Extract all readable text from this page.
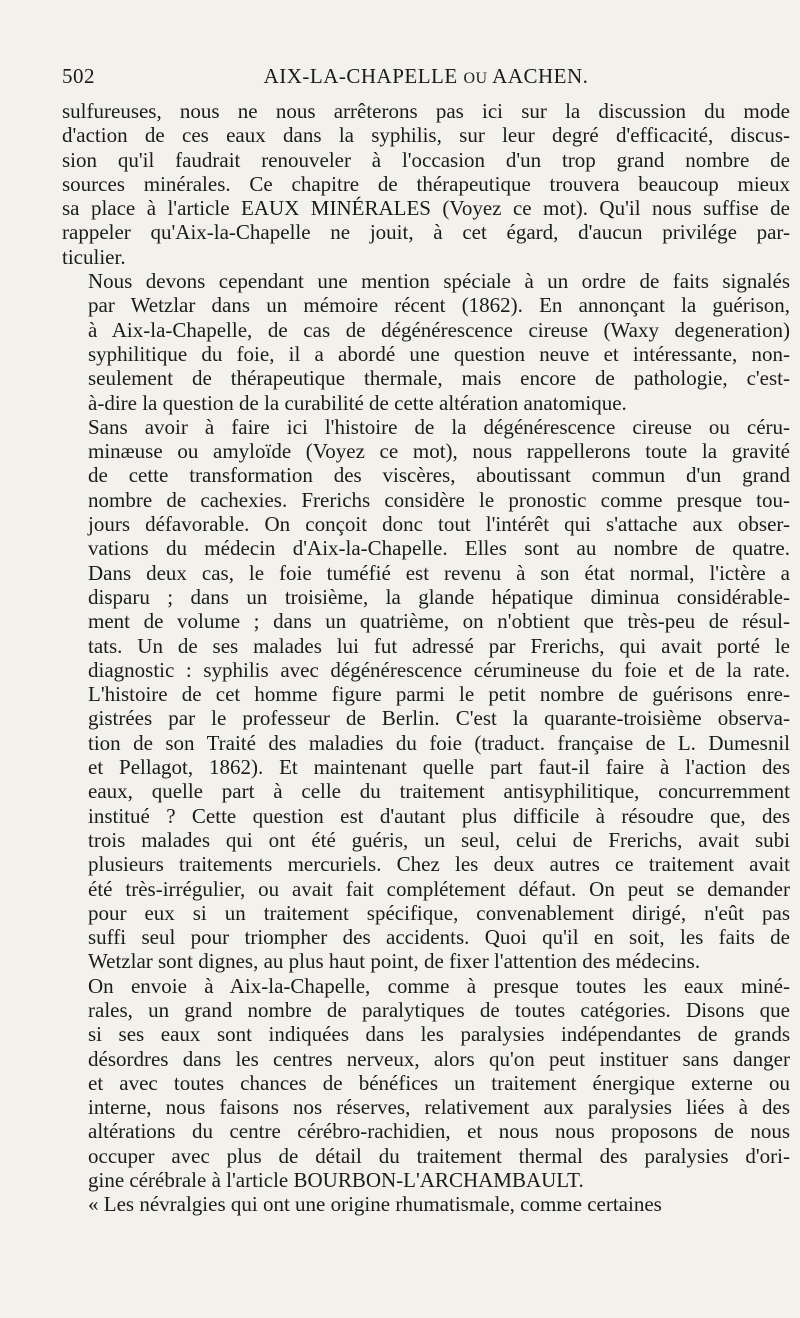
502	AIX-LA-CHAPELLE OU AACHEN.

sulfureuses, nous ne nous arrêterons pas ici sur la discussion du mode
d'action de ces eaux dans la syphilis, sur leur degré d'efficacité, discus-
sion qu'il faudrait renouveler à l'occasion d'un trop grand nombre de
sources minérales. Ce chapitre de thérapeutique trouvera beaucoup mieux
sa place à l'article EAUX MINÉRALES (Voyez ce mot). Qu'il nous suffise de
rappeler qu'Aix-la-Chapelle ne jouit, à cet égard, d'aucun privilége par-
ticulier.

Nous devons cependant une mention spéciale à un ordre de faits signalés
par Wetzlar dans un mémoire récent (1862). En annonçant la guérison,
à Aix-la-Chapelle, de cas de dégénérescence cireuse (Waxy degeneration)
syphilitique du foie, il a abordé une question neuve et intéressante, non-
seulement de thérapeutique thermale, mais encore de pathologie, c'est-
à-dire la question de la curabilité de cette altération anatomique.

Sans avoir à faire ici l'histoire de la dégénérescence cireuse ou céru-
minæuse ou amyloïde (Voyez ce mot), nous rappellerons toute la gravité
de cette transformation des viscères, aboutissant commun d'un grand
nombre de cachexies. Frerichs considère le pronostic comme presque tou-
jours défavorable. On conçoit donc tout l'intérêt qui s'attache aux obser-
vations du médecin d'Aix-la-Chapelle. Elles sont au nombre de quatre.
Dans deux cas, le foie tuméfié est revenu à son état normal, l'ictère a
disparu ; dans un troisième, la glande hépatique diminua considérable-
ment de volume ; dans un quatrième, on n'obtient que très-peu de résul-
tats. Un de ses malades lui fut adressé par Frerichs, qui avait porté le
diagnostic : syphilis avec dégénérescence cérumineuse du foie et de la rate.
L'histoire de cet homme figure parmi le petit nombre de guérisons enre-
gistrées par le professeur de Berlin. C'est la quarante-troisième observa-
tion de son Traité des maladies du foie (traduct. française de L. Dumesnil
et Pellagot, 1862). Et maintenant quelle part faut-il faire à l'action des
eaux, quelle part à celle du traitement antisyphilitique, concurremment
institué ? Cette question est d'autant plus difficile à résoudre que, des
trois malades qui ont été guéris, un seul, celui de Frerichs, avait subi
plusieurs traitements mercuriels. Chez les deux autres ce traitement avait
été très-irrégulier, ou avait fait complétement défaut. On peut se demander
pour eux si un traitement spécifique, convenablement dirigé, n'eût pas
suffi seul pour triompher des accidents. Quoi qu'il en soit, les faits de
Wetzlar sont dignes, au plus haut point, de fixer l'attention des médecins.

On envoie à Aix-la-Chapelle, comme à presque toutes les eaux miné-
rales, un grand nombre de paralytiques de toutes catégories. Disons que
si ses eaux sont indiquées dans les paralysies indépendantes de grands
désordres dans les centres nerveux, alors qu'on peut instituer sans danger
et avec toutes chances de bénéfices un traitement énergique externe ou
interne, nous faisons nos réserves, relativement aux paralysies liées à des
altérations du centre cérébro-rachidien, et nous nous proposons de nous
occuper avec plus de détail du traitement thermal des paralysies d'ori-
gine cérébrale à l'article BOURBON-L'ARCHAMBAULT.

« Les névralgies qui ont une origine rhumatismale, comme certaines
